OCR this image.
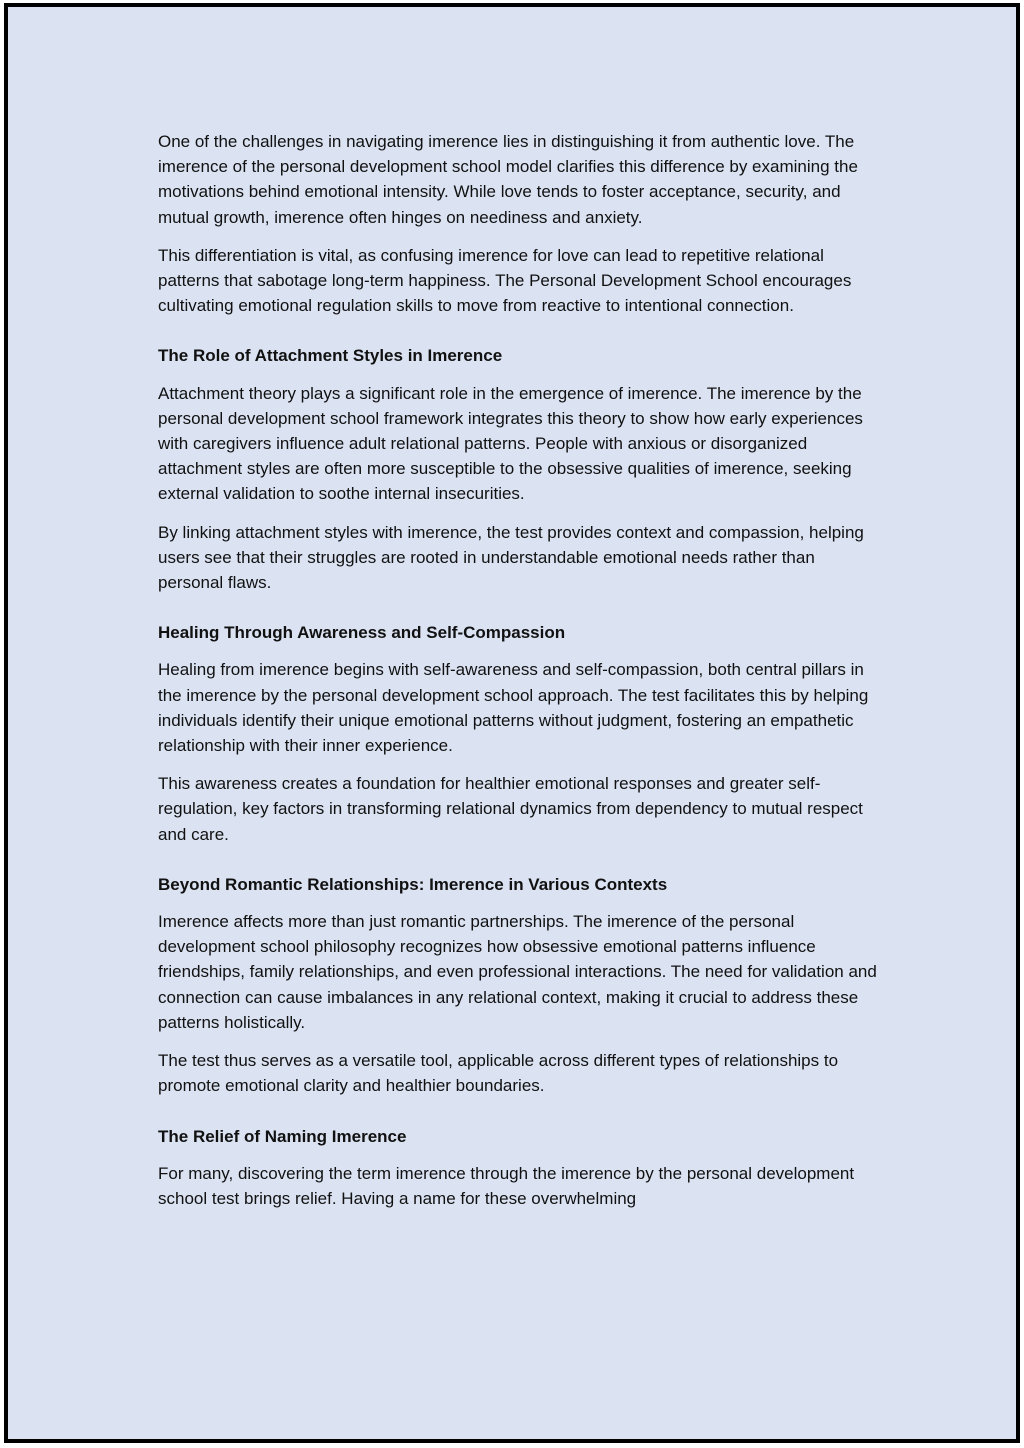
One of the challenges in navigating imerence lies in distinguishing it from authentic love. The imerence of the personal development school model clarifies this difference by examining the motivations behind emotional intensity. While love tends to foster acceptance, security, and mutual growth, imerence often hinges on neediness and anxiety.

This differentiation is vital, as confusing imerence for love can lead to repetitive relational patterns that sabotage long-term happiness. The Personal Development School encourages cultivating emotional regulation skills to move from reactive to intentional connection.

The Role of Attachment Styles in Imerence

Attachment theory plays a significant role in the emergence of imerence. The imerence by the personal development school framework integrates this theory to show how early experiences with caregivers influence adult relational patterns. People with anxious or disorganized attachment styles are often more susceptible to the obsessive qualities of imerence, seeking external validation to soothe internal insecurities.

By linking attachment styles with imerence, the test provides context and compassion, helping users see that their struggles are rooted in understandable emotional needs rather than personal flaws.

Healing Through Awareness and Self-Compassion

Healing from imerence begins with self-awareness and self-compassion, both central pillars in the imerence by the personal development school approach. The test facilitates this by helping individuals identify their unique emotional patterns without judgment, fostering an empathetic relationship with their inner experience.

This awareness creates a foundation for healthier emotional responses and greater self-regulation, key factors in transforming relational dynamics from dependency to mutual respect and care.

Beyond Romantic Relationships: Imerence in Various Contexts

Imerence affects more than just romantic partnerships. The imerence of the personal development school philosophy recognizes how obsessive emotional patterns influence friendships, family relationships, and even professional interactions. The need for validation and connection can cause imbalances in any relational context, making it crucial to address these patterns holistically.

The test thus serves as a versatile tool, applicable across different types of relationships to promote emotional clarity and healthier boundaries.

The Relief of Naming Imerence

For many, discovering the term imerence through the imerence by the personal development school test brings relief. Having a name for these overwhelming
